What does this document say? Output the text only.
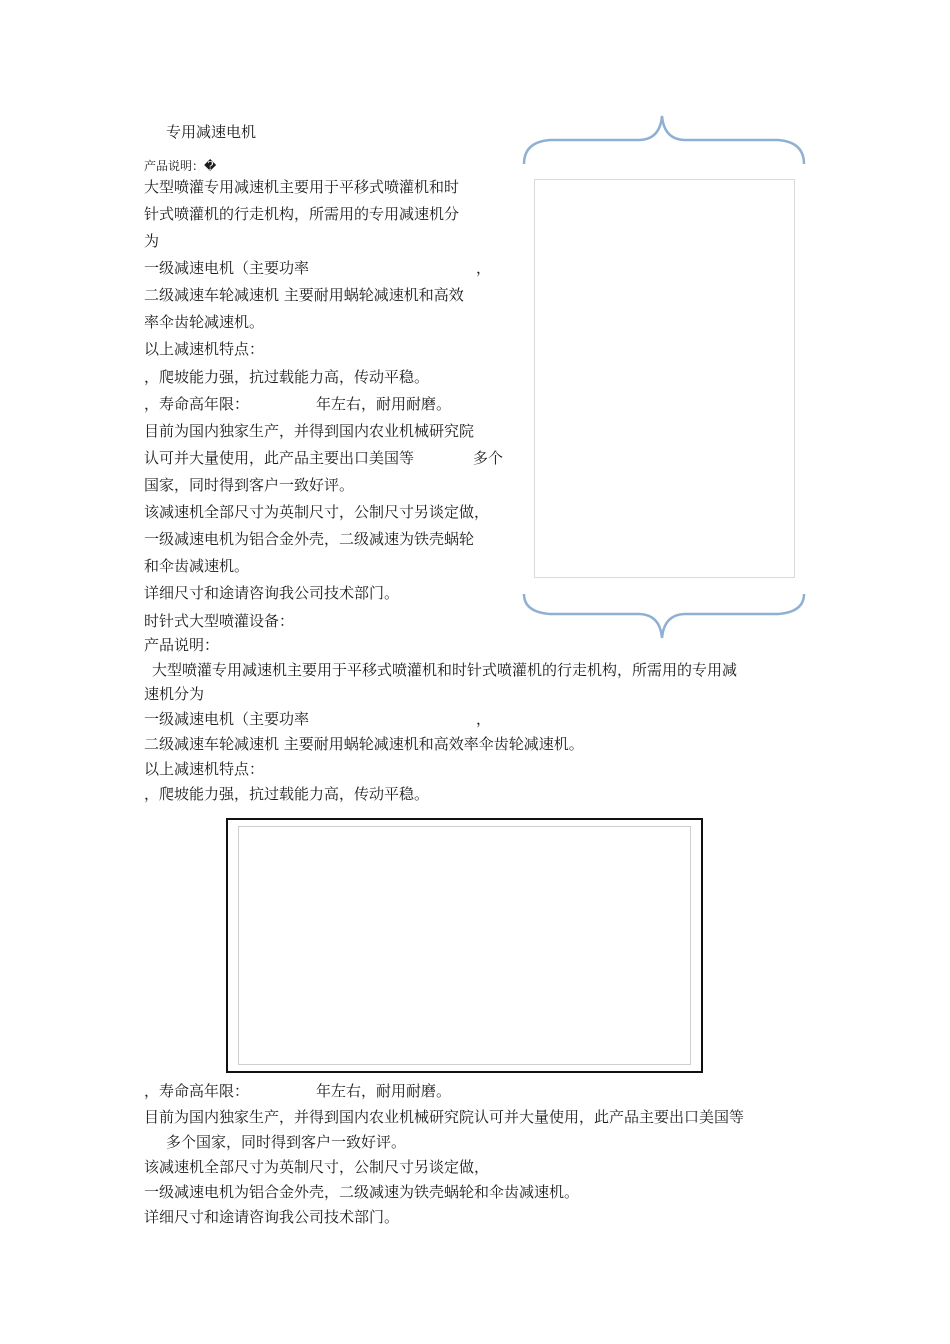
专用减速电机
产品说明：�
大型喷灌专用减速机主要用于平移式喷灌机和时
针式喷灌机的行走机构，所需用的专用减速机分
为
一级减速电机（主要功率	，
二级减速车轮减速机 主要耐用蜗轮减速机和高效
率伞齿轮减速机。
以上减速机特点：
，爬坡能力强，抗过载能力高，传动平稳。
，寿命高年限：	年左右，耐用耐磨。
目前为国内独家生产，并得到国内农业机械研究院
认可并大量使用，此产品主要出口美国等	多个
国家，同时得到客户一致好评。
该减速机全部尺寸为英制尺寸，公制尺寸另谈定做，
一级减速电机为铝合金外壳，二级减速为铁壳蜗轮
和伞齿减速机。
详细尺寸和途请咨询我公司技术部门。
时针式大型喷灌设备：
产品说明：
大型喷灌专用减速机主要用于平移式喷灌机和时针式喷灌机的行走机构，所需用的专用减
速机分为
一级减速电机（主要功率	，
二级减速车轮减速机 主要耐用蜗轮减速机和高效率伞齿轮减速机。
以上减速机特点：
，爬坡能力强，抗过载能力高，传动平稳。
，寿命高年限：	年左右，耐用耐磨。
目前为国内独家生产，并得到国内农业机械研究院认可并大量使用，此产品主要出口美国等
多个国家，同时得到客户一致好评。
该减速机全部尺寸为英制尺寸，公制尺寸另谈定做，
一级减速电机为铝合金外壳，二级减速为铁壳蜗轮和伞齿减速机。
详细尺寸和途请咨询我公司技术部门。
